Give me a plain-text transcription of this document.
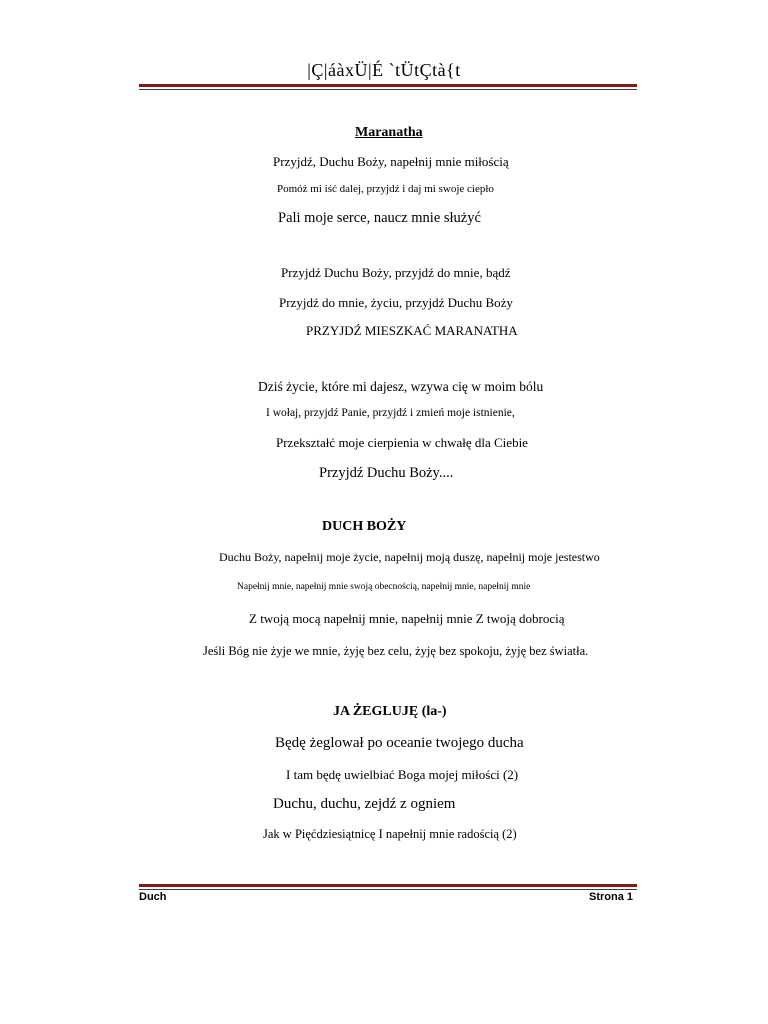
|Ç|áàxÜ|É `tÜtÇtà{t
Maranatha
Przyjdź, Duchu Boży, napełnij mnie miłością
Pomóż mi iść dalej, przyjdź i daj mi swoje ciepło
Pali moje serce, naucz mnie służyć
Przyjdź Duchu Boży, przyjdź do mnie, bądź
Przyjdź do mnie, życiu, przyjdź Duchu Boży
PRZYJDŹ MIESZKAĆ MARANATHA
Dziś życie, które mi dajesz, wzywa cię w moim bólu
I wołaj, przyjdź Panie, przyjdź i zmień moje istnienie,
Przekształć moje cierpienia w chwałę dla Ciebie
Przyjdź Duchu Boży....
DUCH BOŻY
Duchu Boży, napełnij moje życie, napełnij moją duszę, napełnij moje jestestwo
Napełnij mnie, napełnij mnie swoją obecnością, napełnij mnie, napełnij mnie
Z twoją mocą napełnij mnie, napełnij mnie Z twoją dobrocią
Jeśli Bóg nie żyje we mnie, żyję bez celu, żyję bez spokoju, żyję bez światła.
JA ŻEGLUJĘ (la-)
Będę żeglował po oceanie twojego ducha
I tam będę uwielbiać Boga mojej miłości (2)
Duchu, duchu, zejdź z ogniem
Jak w Pięćdziesiątnicę I napełnij mnie radością (2)
Duch	Strona 1
